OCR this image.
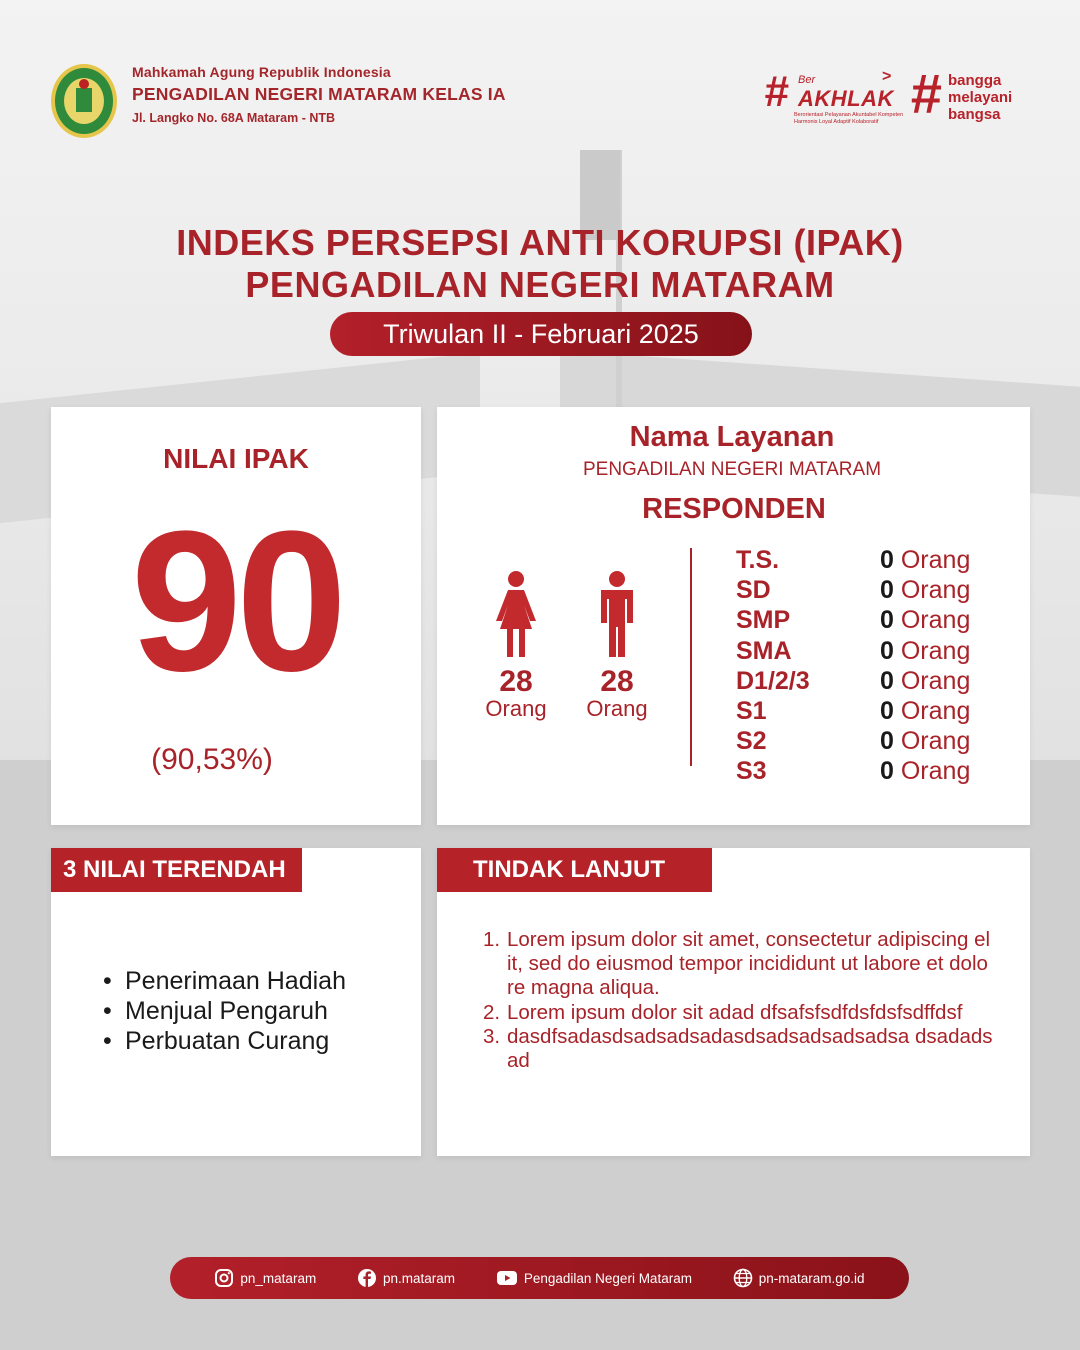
Mahkamah Agung Republik Indonesia
PENGADILAN NEGERI MATARAM KELAS IA
Jl. Langko No. 68A Mataram - NTB
# Ber
AKHLAK
>
Berorientasi Pelayanan Akuntabel Kompeten Harmonis Loyal Adaptif Kolaboratif # bangga
melayani
bangsa
INDEKS PERSEPSI ANTI KORUPSI (IPAK)
PENGADILAN NEGERI MATARAM
Triwulan II - Februari 2025
NILAI IPAK
90
(90,53%)
Nama Layanan
PENGADILAN NEGERI MATARAM
RESPONDEN
28
Orang
28
Orang
T.S.	0 Orang
SD	0 Orang
SMP	0 Orang
SMA	0 Orang
D1/2/3	0 Orang
S1	0 Orang
S2	0 Orang
S3	0 Orang
3 NILAI TERENDAH
• Penerimaan Hadiah
• Menjual Pengaruh
• Perbuatan Curang
TINDAK LANJUT
1. Lorem ipsum dolor sit amet, consectetur adipiscing elit, sed do eiusmod tempor incididunt ut labore et dolore magna aliqua.
2. Lorem ipsum dolor sit adad dfsafsfsdfdsfdsfsdffdsf
3. dasdfsadasdsadsadsadasdsadsadsadsadsa dsadadsad
pn_mataram	pn.mataram	Pengadilan Negeri Mataram	pn-mataram.go.id
